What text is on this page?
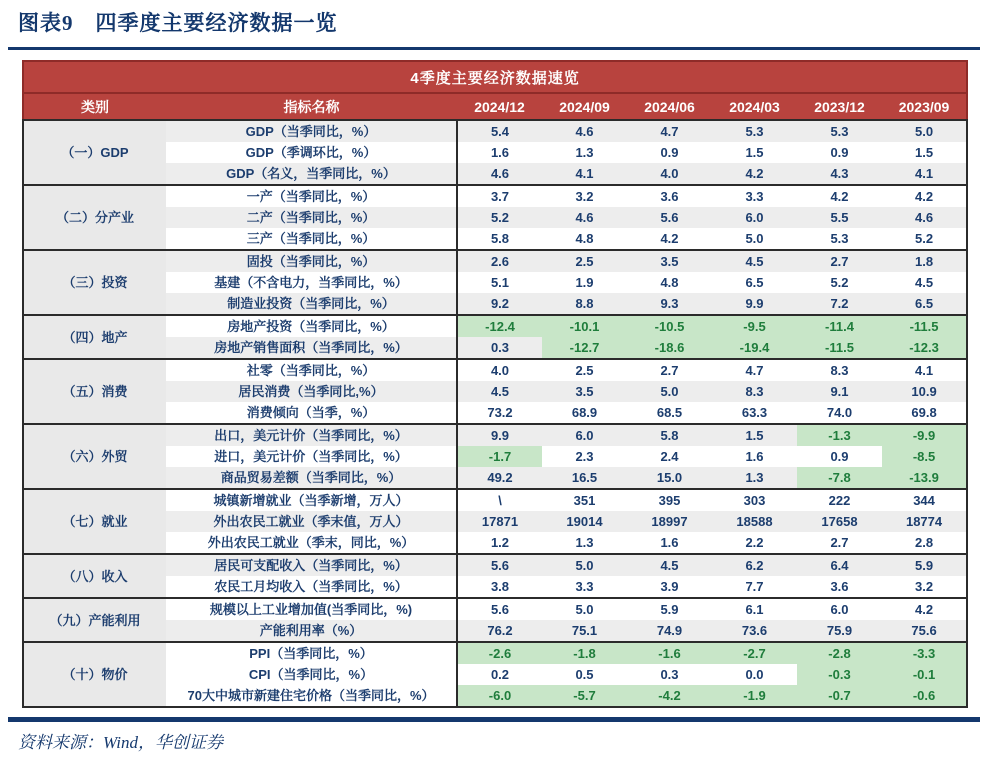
图表9　四季度主要经济数据一览
4季度主要经济数据速览							
类别	指标名称	2024/12	2024/09	2024/06	2024/03	2023/12	2023/09
（一）GDP	GDP（当季同比，%）	5.4	4.6	4.7	5.3	5.3	5.0
	GDP（季调环比，%）	1.6	1.3	0.9	1.5	0.9	1.5
	GDP（名义，当季同比，%）	4.6	4.1	4.0	4.2	4.3	4.1
（二）分产业	一产（当季同比，%）	3.7	3.2	3.6	3.3	4.2	4.2
	二产（当季同比，%）	5.2	4.6	5.6	6.0	5.5	4.6
	三产（当季同比，%）	5.8	4.8	4.2	5.0	5.3	5.2
（三）投资	固投（当季同比，%）	2.6	2.5	3.5	4.5	2.7	1.8
	基建（不含电力，当季同比，%）	5.1	1.9	4.8	6.5	5.2	4.5
	制造业投资（当季同比，%）	9.2	8.8	9.3	9.9	7.2	6.5
（四）地产	房地产投资（当季同比，%）	-12.4	-10.1	-10.5	-9.5	-11.4	-11.5
	房地产销售面积（当季同比，%）	0.3	-12.7	-18.6	-19.4	-11.5	-12.3
（五）消费	社零（当季同比，%）	4.0	2.5	2.7	4.7	8.3	4.1
	居民消费（当季同比,%）	4.5	3.5	5.0	8.3	9.1	10.9
	消费倾向（当季，%）	73.2	68.9	68.5	63.3	74.0	69.8
（六）外贸	出口，美元计价（当季同比，%）	9.9	6.0	5.8	1.5	-1.3	-9.9
	进口，美元计价（当季同比，%）	-1.7	2.3	2.4	1.6	0.9	-8.5
	商品贸易差额（当季同比，%）	49.2	16.5	15.0	1.3	-7.8	-13.9
（七）就业	城镇新增就业（当季新增，万人）	\	351	395	303	222	344
	外出农民工就业（季末值，万人）	17871	19014	18997	18588	17658	18774
	外出农民工就业（季末，同比，%）	1.2	1.3	1.6	2.2	2.7	2.8
（八）收入	居民可支配收入（当季同比，%）	5.6	5.0	4.5	6.2	6.4	5.9
	农民工月均收入（当季同比，%）	3.8	3.3	3.9	7.7	3.6	3.2
（九）产能利用	规模以上工业增加值(当季同比，%)	5.6	5.0	5.9	6.1	6.0	4.2
	产能利用率（%）	76.2	75.1	74.9	73.6	75.9	75.6
（十）物价	PPI（当季同比，%）	-2.6	-1.8	-1.6	-2.7	-2.8	-3.3
	CPI（当季同比，%）	0.2	0.5	0.3	0.0	-0.3	-0.1
	70大中城市新建住宅价格（当季同比，%）	-6.0	-5.7	-4.2	-1.9	-0.7	-0.6
资料来源：Wind，华创证券
